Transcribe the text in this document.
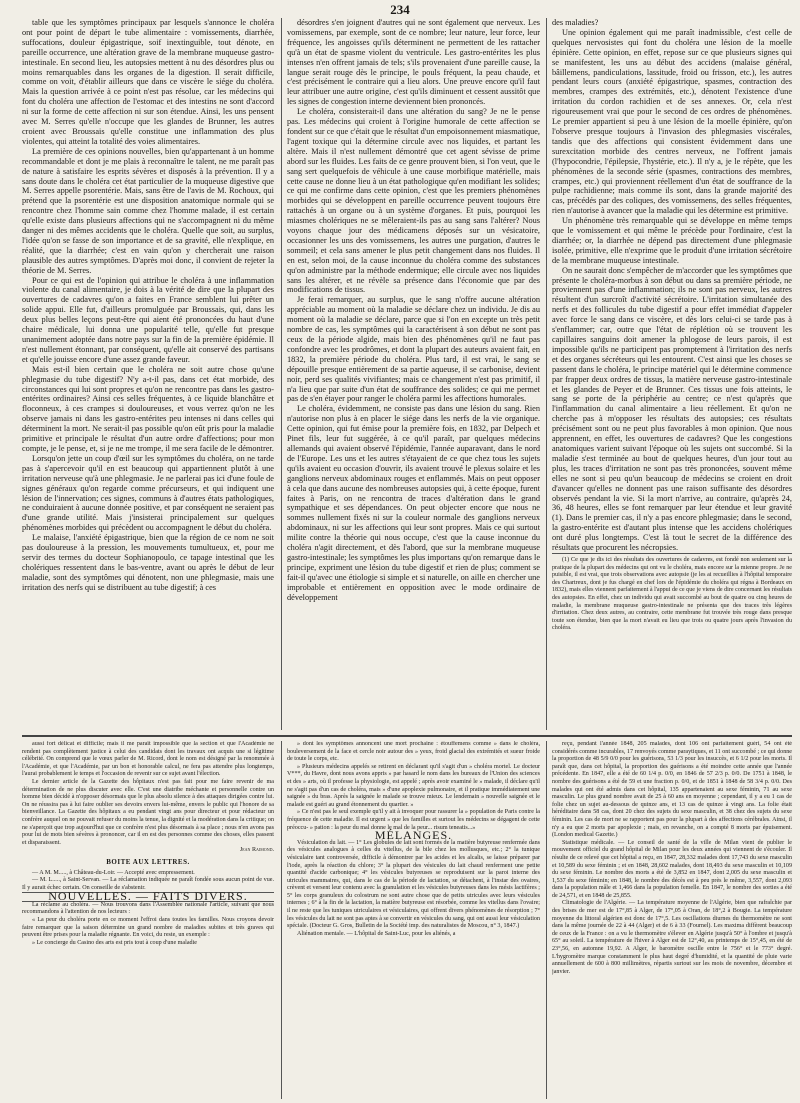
234

table que les symptômes principaux par lesquels s'annonce le choléra ont pour point de départ le tube alimentaire : vomissements, diarrhée, suffocations, douleur épigastrique, soif inextinguible, tout dénote, en pareille occurrence, une altération grave de la membrane muqueuse gastro-intestinale. En second lieu, les autopsies mettent à nu des désordres plus ou moins remarquables dans les organes de la digestion. Il serait difficile, comme on voit, d'établir ailleurs que dans ce viscère le siége du choléra. Mais la question arrivée à ce point n'est pas résolue, car les médecins qui font du choléra une affection de l'estomac et des intestins ne sont d'accord ni sur la forme de cette affection ni sur son étendue. Ainsi, les uns pensent avec M. Serres qu'elle n'occupe que les glandes de Brunner, les autres croient avec Broussais qu'elle constitue une inflammation des plus violentes, qui atteint la totalité des voies alimentaires.

La première de ces opinions nouvelles, bien qu'appartenant à un homme recommandable et dont je me plais à reconnaître le talent, ne me paraît pas de nature à satisfaire les esprits sévères et disposés à la prévention. Il y a sans doute dans le choléra cet état particulier de la muqueuse digestive que M. Serres appelle psorentérie. Mais, sans être de l'avis de M. Rochoux, qui prétend que la psorentérie est une disposition anatomique normale qui se rencontre chez l'homme sain comme chez l'homme malade, il est certain qu'elle existe dans plusieurs affections qui ne s'accompagnent ni du même danger ni des mêmes accidents que le choléra. Quelle que soit, au surplus, l'idée qu'on se fasse de son importance et de sa gravité, elle n'explique, en réalité, que la diarrhée; c'est en vain qu'on y chercherait une raison plausible des autres symptômes. D'après moi donc, il convient de rejeter la théorie de M. Serres.

Pour ce qui est de l'opinion qui attribue le choléra à une inflammation violente du canal alimentaire, je dois à la vérité de dire que la plupart des ouvertures de cadavres qu'on a faites en France semblent lui prêter un solide appui. Elle fut, d'ailleurs promulguée par Broussais, qui, dans les deux plus belles leçons peut-être qui aient été prononcées du haut d'une chaire médicale, lui donna une popularité telle, qu'elle fut presque unanimement adoptée dans notre pays sur la fin de la première épidémie. Il n'est nullement étonnant, par conséquent, qu'elle ait conservé des partisans et qu'elle jouisse encore d'une assez grande faveur.

Mais est-il bien certain que le choléra ne soit autre chose qu'une phlegmasie du tube digestif? N'y a-t-il pas, dans cet état morbide, des circonstances qui lui sont propres et qu'on ne rencontre pas dans les gastro-entérites ordinaires? Ainsi ces selles fréquentes, à ce liquide blanchâtre et floconneux, à ces crampes si douloureuses, et vous verrez qu'on ne les observe jamais ni dans les gastro-entérites peu intenses ni dans celles qui déterminent la mort. Ne serait-il pas possible qu'on eût pris pour la maladie primitive et principale le résultat d'un autre ordre d'affections; pour mon compte, je le pense, et, si je ne me trompe, il me sera facile de le démontrer.

Lorsqu'on jette un coup d'œil sur les symptômes du choléra, on ne tarde pas à s'apercevoir qu'il en est beaucoup qui appartiennent plutôt à une irritation nerveuse qu'à une phlegmasie. Je ne parlerai pas ici d'une foule de signes généraux qu'on regarde comme précurseurs, et qui indiquent une lésion de l'innervation; ces signes, communs à d'autres états pathologiques, ne conduiraient à aucune donnée positive, et par conséquent ne seraient pas d'une grande utilité. Mais j'insisterai principalement sur quelques phénomènes morbides qui précèdent ou accompagnent le début du choléra.

Le malaise, l'anxiété épigastrique, bien que la région de ce nom ne soit pas douloureuse à la pression, les mouvements tumultueux, et, pour me servir des termes du docteur Sophianopoulo, ce tapage intestinal que les cholériques ressentent dans le bas-ventre, avant ou après le début de leur maladie, sont des symptômes qui dénotent, non une phlegmasie, mais une irritation des nerfs qui se distribuent au tube digestif; à ces

désordres s'en joignent d'autres qui ne sont également que nerveux. Les vomissemens, par exemple, sont de ce nombre; leur nature, leur force, leur fréquence, les angoisses qu'ils déterminent ne permettent de les rattacher qu'à un état de spasme violent du ventricule. Les gastro-entérites les plus intenses n'en offrent jamais de tels; s'ils provenaient d'une pareille cause, la langue serait rouge dès le principe, le pouls fréquent, la peau chaude, et c'est précisément le contraire qui a lieu alors. Une preuve encore qu'il faut leur attribuer une autre origine, c'est qu'ils diminuent et cessent aussitôt que les signes de congestion interne deviennent bien prononcés.

Le choléra, consisterait-il dans une altération du sang? Je ne le pense pas. Les médecins qui croient à l'origine humorale de cette affection se fondent sur ce que c'était que le résultat d'un empoisonnement miasmatique, l'agent toxique qui la détermine circule avec nos liquides, et partant les altère. Mais il n'est nullement démontré que cet agent sévisse de prime abord sur les fluides. Les faits de ce genre prouvent bien, si l'on veut, que le sang sert quelquefois de véhicule à une cause morbifique matérielle, mais cette cause ne donne lieu à un état pathologique qu'en modifiant les solides; ce qui me confirme dans cette opinion, c'est que les premiers phénomènes morbides qui se développent en pareille occurrence peuvent toujours être rattachés à un organe ou à un système d'organes. Et puis, pourquoi les miasmes cholériques ne se mêleraient-ils pas au sang sans l'altérer? Nous voyons chaque jour des médicamens déposés sur un vésicatoire, occasionner les uns des vomissemens, les autres une purgation, d'autres le sommeil; et cela sans amener le plus petit changement dans nos fluides. Il en est, selon moi, de la cause inconnue du choléra comme des substances qu'on administre par la méthode endermique; elle circule avec nos liquides sans les altérer, et ne révèle sa présence dans l'économie que par des modifications de tissus.

Je ferai remarquer, au surplus, que le sang n'offre aucune altération appréciable au moment où la maladie se déclare chez un individu. Je dis au moment où la maladie se déclare, parce que si l'on en excepte un très petit nombre de cas, les symptômes qui la caractérisent à son début ne sont pas ceux de la période algide, mais bien des phénomènes qu'il ne faut pas confondre avec les prodrômes, et dont la plupart des auteurs avaient fait, en 1832, la première période du choléra. Plus tard, il est vrai, le sang se dépouille presque entièrement de sa partie aqueuse, il se carbonise, devient noir, perd ses qualités vivifiantes; mais ce changement n'est pas primitif, il n'a lieu que par suite d'un état de souffrance des solides; ce qui me permet pas de s'en étayer pour ranger le choléra parmi les affections humorales.

Le choléra, évidemment, ne consiste pas dans une lésion du sang. Rien n'autorise non plus à en placer le siége dans les nerfs de la vie organique. Cette opinion, qui fut émise pour la première fois, en 1832, par Delpech et Pinet fils, leur fut suggérée, à ce qu'il paraît, par quelques médecins allemands qui avaient observé l'épidémie, l'année auparavant, dans le nord de l'Europe. Les uns et les autres s'étayaient de ce que chez tous les sujets qu'ils avaient eu occasion d'ouvrir, ils avaient trouvé le plexus solaire et les ganglions nerveux abdominaux rouges et enflammés. Mais on peut opposer à cela que dans aucune des nombreuses autopsies qui, à cette époque, furent faites à Paris, on ne rencontra de traces d'altération dans le grand sympathique et ses dépendances. On peut objecter encore que nous ne sommes nullement fixés ni sur la couleur normale des ganglions nerveux abdominaux, ni sur les affections qui leur sont propres. Mais ce qui surtout milite contre la théorie qui nous occupe, c'est que la cause inconnue du choléra n'agit directement, et dès l'abord, que sur la membrane muqueuse gastro-intestinale; les symptômes les plus importans qu'on remarque dans le principe, expriment une lésion du tube digestif et rien de plus; comment se fait-il qu'avec une étiologie si simple et si naturelle, on aille en chercher une improbable et entièrement en opposition avec le mode ordinaire de développement

des maladies?

Une opinion également qui me paraît inadmissible, c'est celle de quelques nervosistes qui font du choléra une lésion de la moelle épinière. Cette opinion, en effet, repose sur ce que plusieurs signes qui se manifestent, les uns au début des accidens (malaise général, bâillemens, pandiculations, lassitude, froid ou frisson, etc.), les autres pendant leurs cours (anxiété épigastrique, spasmes, contraction des membres, crampes des extrémités, etc.), dénotent l'existence d'une irritation du cordon rachidien et de ses annexes. Or, cela n'est rigoureusement vrai que pour le second de ces ordres de phénomènes. Le premier appartient si peu à une lésion de la moelle épinière, qu'on l'observe presque toujours à l'invasion des phlegmasies viscérales, tandis que des affections qui consistent évidemment dans une surexcitation morbide des centres nerveux, ne l'offrent jamais (l'hypocondrie, l'épilepsie, l'hystérie, etc.). Il n'y a, je le répète, que les phénomènes de la seconde série (spasmes, contractions des membres, crampes, etc.) qui proviennent réellement d'un état de souffrance de la pulpe rachidienne; mais comme ils sont, dans la grande majorité des cas, précédés par des coliques, des vomissemens, des selles fréquentes, rien n'autorise à avancer que la maladie qui les détermine est primitive.

Un phénomène très remarquable qui se développe en même temps que le vomissement et qui même le précède pour l'ordinaire, c'est la diarrhée; or, la diarrhée ne dépend pas directement d'une phlegmasie isolée, primitive, elle n'exprime que le produit d'une irritation sécrétoire de la membrane muqueuse intestinale.

On ne saurait donc s'empêcher de m'accorder que les symptômes que présente le choléra-morbus à son début ou dans sa première période, ne proviennent pas d'une inflammation; ils ne sont pas nerveux, les autres résultent d'un surcroît d'activité sécrétoire. L'irritation simultanée des nerfs et des follicules du tube digestif a pour effet immédiat d'appeler avec force le sang dans ce viscère, et dès lors celui-ci se tarde pas à s'enflammer; car, outre que l'état de réplétion où se trouvent les capillaires sanguins doit amener la phlogose de leurs parois, il est impossible qu'ils ne participent pas promptement à l'irritation des nerfs et des organes sécréteurs qui les entourent. C'est ainsi que les choses se passent dans le choléra, le principe matériel qui le détermine commence par frapper deux ordres de tissus, la matière nerveuse gastro-intestinale et les glandes de Peyer et de Brunner. Ces tissus une fois atteints, le sang se porte de la périphérie au centre; ce n'est qu'après que l'inflammation du canal alimentaire a lieu réellement. Et qu'on ne cherche pas à m'opposer les résultats des autopsies; ces résultats précisément sont ou ne peut plus favorables à mon opinion. Que nous apprennent, en effet, les ouvertures de cadavres? Que les congestions anatomiques varient suivant l'époque où les sujets ont succombé. Si la maladie s'est terminée au bout de quelques heures, d'un jour tout au plus, les traces d'irritation ne sont pas très prononcées, souvent même elles ne sont si peu qu'un beaucoup de médecins se croient en droit d'avancer qu'elles ne donnent pas une raison suffisante des désordres observés pendant la vie. Si la mort n'arrive, au contraire, qu'après 24, 36, 48 heures, elles se font remarquer par leur étendue et leur gravité (1). Dans le premier cas, il n'y a pas encore phlegmasie; dans le second, la gastro-entérite est d'autant plus intense que les accidens cholériques ont duré plus longtemps. C'est là tout le secret de la différence des résultats que procurent les nécropsies.

(1) Ce que je dis ici des résultats des ouvertures de cadavres, est fondé non seulement sur la pratique de la plupart des médecins qui ont vu le choléra, mais encore sur la mienne propre. Je ne puisible, il est vrai, que trois observations avec autopsie (je les ai recueillies à l'hôpital temporaire des Chartreux, dont je fus chargé en chef lors de l'épidémie du choléra qui régna à Bordeaux en 1832), mais elles viennent parfaitement à l'appui de ce que je viens de dire concernant les résultats des autopsies. En effet, chez un individu qui avait succombé au bout de quatre ou cinq heures de maladie, la membrane muqueuse gastro-intestinale ne présenta que des traces très légères d'irritation. Chez deux autres, au contraire, cette membrane fut trouvée très rouge dans presque toute son étendue, bien que la mort n'avait eu lieu que trois ou quatre jours après l'invasion du choléra.

aussi fort délicat et difficile; mais il me paraît impossible que la section et que l'Académie ne rendent pas complètement justice à celui des candidats dont les travaux ont acquis une si légitime célébrité. On comprend que le vœux parler de M. Ricord, dont le nom est désigné par la renommée à l'Académie, et que l'Académie, par un bon et honorable calcul, ne fera pas attendre plus longtemps, l'aurai probablement le temps et l'occasion de revenir sur ce sujet avant l'élection.

Le dernier article de la Gazette des hôpitaux n'est pas fait pour me faire revenir de ma détermination de ne plus discuter avec elle. C'est une diatribe méchante et personnelle contre un homme bien décidé à n'opposer désormais que le plus absolu silence à des attaques dirigées contre lui. On ne réussira pas à lui faire oublier ses devoirs envers lui-même, envers le public qui l'honore de sa bienveillance. La Gazette des hôpitaux a eu pendant vingt ans pour directeur et pour rédacteur un confrère auquel on ne pouvait refuser du moins la tenue, la dignité et la modération dans la critique; on ne s'aperçoit que trop aujourd'hui que ce confrère n'est plus désormais à sa place ; nous n'en avons pas pour lui de mots bien sévères à prononcer, car il en est des personnes comme des choses, elles passent et disparaissent.

Jean Raimond.

BOITE AUX LETTRES.

— A M. M....., à Château-du-Loir. — Accepté avec empressement.

— M. L....., à Saint-Servan. — La réclamation indiquée ne paraît fondée sous aucun point de vue. Il y aurait échec certain. On conseille de s'abstenir.

NOUVELLES. — FAITS DIVERS.

La réclame au choléra. — Nous trouvons dans l'Assemblée nationale l'article, suivant que nous recommandons à l'attention de nos lecteurs :

« La peur du choléra porte en ce moment l'effroi dans toutes les familles. Nous croyons devoir faire remarquer que la saison détermine un grand nombre de maladies subites et très graves qui peuvent être prises pour la maladie régnante. En voici, du reste, un exemple :

» Le concierge du Casino des arts est pris tout à coup d'une maladie

» dont les symptômes annoncent une mort prochaine : étouffemens comme » dans le choléra, bouleversement de la face et cercle noir autour des » yeux, froid glacial des extrémités et sueur froide de toute le corps, etc.

» Plusieurs médecins appelés se retirent en déclarant qu'il s'agit d'un » choléra mortel. Le docteur V***, du Havre, dont nous avons appris » par hasard le nom dans les bureaux de l'Union des sciences et des » arts, où il professe la physiologie, est appelé ; après avoir examiné le » malade, il déclare qu'il ne s'agit pas d'un cas de choléra, mais » d'une apoplexie pulmonaire, et il pratique immédiatement une saignée » du bras. Après la saignée le malade se trouve mieux. Le lendemain » nouvelle saignée et le malade est guéri au grand étonnement du quartier. »

» Ce n'est pas le seul exemple qu'il y ait à invoquer pour rassurer la » population de Paris contre la fréquence de cette maladie. Il est urgent » que les familles et surtout les médecins se dégagent de cette préoccu- » pation : la peur du mal donne le mal de la peur... risum teneatis...»

MÉLANGES.

Vésiculation du lait. — 1° Les globules de lait sont formés de la matière butyreuse renfermée dans des vésicules analogues à celles du vitellus, de la bile chez les mollusques, etc.; 2° la tunique vésiculaire tant controversée, difficile à démontrer par les acides et les alcalis, se laisse préparer par l'iode, après la réaction du chlore; 3° la plupart des vésicules du lait chaud renferment une petite quantité d'acide carbonique; 4° les vésicules butyreuses se reproduisent sur la paroi interne des utricules mammaires, qui, dans le cas de la période de lactation, se détachent, à l'instar des ovaires, crèvent et versent leur contenu avec la granulation et les vésicules butyreuses dans les mésis lactifères ; 5° les corps granuleux du colostrum ne sont autre chose que de petits utricules avec leurs vésicules internes ; 6° à la fin de la lactation, la matière butyreuse est résorbée, comme les vitellus dans l'ovaire; il ne reste que les tuniques utriculaires et vésiculaires, qui offrent divers phénomènes de résorption ; 7° les vésicules du lait ne sont pas aptes à se convertir en vésicules du sang, qui ont aussi leur vésiculation spéciale. (Docteur G. Gros, Bulletin de la Société imp. des naturalistes de Moscou, n° 3, 1847.)

Aliénation mentale. — L'hôpital de Saint-Luc, pour les aliénés, a

reçu, pendant l'année 1848, 205 malades, dont 106 ont parfaitement guéri, 54 ont été considérés comme incurables, 17 renvoyés comme paraytiques, et 11 ont succombé ; ce qui donne la proportion de 48 5/9 0/0 pour les guérisons, 53 1/3 pour les insuccès, et 6 1/2 pour les morts. Il paraît que, dans cet hôpital, la proportion des guérisons a été moindre cette année que l'année précédente. En 1847, elle a été de 60 1/4 p. 0/0, en 1846 de 57 2/3 p. 0/0. De 1751 à 1848, le nombre des guérisons a été de 59 et une fraction p. 0/0, et de 1851 à 1848 de 58 3/4 p. 0/0. Des malades qui ont été admis dans cet hôpital, 135 appartenaient au sexe féminin, 71 au sexe masculin. Le plus grand nombre avait de 25 à 60 ans en moyenne ; cependant, il y a eu 1 cas de folie chez un sujet au-dessous de quinze ans, et 13 cas de quinze à vingt ans. La folie était héréditaire dans 58 cas, dont 20 chez des sujets du sexe masculin, et 38 chez des sujets du sexe féminin. Les cas de mort ne se rapportent pas pour la plupart à des affections cérébrales. Ainsi, il n'y a eu que 2 morts par apoplexie ; mais, en revanche, on a compté 8 morts par épuisement. (London medical Gazette.)

Statistique médicale. — Le conseil de santé de la ville de Milan vient de publier le mouvement officiel du grand hôpital de Milan pour les deux années qui viennent de s'écouler. Il résulte de ce relevé que cet hôpital a reçu, en 1847, 28,332 malades dont 17,743 du sexe masculin et 10,589 du sexe féminin ; et en 1848, 28,602 malades, dont 18,493 du sexe masculin et 10,109 du sexe féminin. Le nombre des morts a été de 3,852 en 1847, dont 2,005 du sexe masculin et 1,537 du sexe féminin; en 1848, le nombre des décès est à peu près le même, 3,557, dont 2,093 dans la population mâle et 1,466 dans la population femelle. En 1847, le nombre des sorties a été de 24,571, et en 1848 de 25,855.

Climatologie de l'Algérie. — La température moyenne de l'Algérie, bien que rafraîchie par des brises de mer est de 17°,85 à Alger, de 17°,05 à Oran, de 18°,2 à Bougie. La température moyenne du littoral algérien est donc de 17°,5. Les oscillations diurnes du thermomètre ne sont dans la même journée de 22 à 44 (Alger) et de 6 à 33 (Fournel). Les maxima diffèrent beaucoup de ceux de la France : on a vu le thermomètre s'élever en Algérie jusqu'à 50° à l'ombre et jusqu'à 65° au soleil. La température de l'hiver à Alger est de 12°,40, au printemps de 15°,45, en été de 23°,56, en automne 19,92. A Alger, le baromètre oscille entre le 756° et le 773° degré. L'hygromètre marque constamment le plus haut degré d'humidité, et la quantité de pluie varie annuellement de 600 à 800 millimètres, répartis surtout sur les mois de novembre, décembre et janvier.
